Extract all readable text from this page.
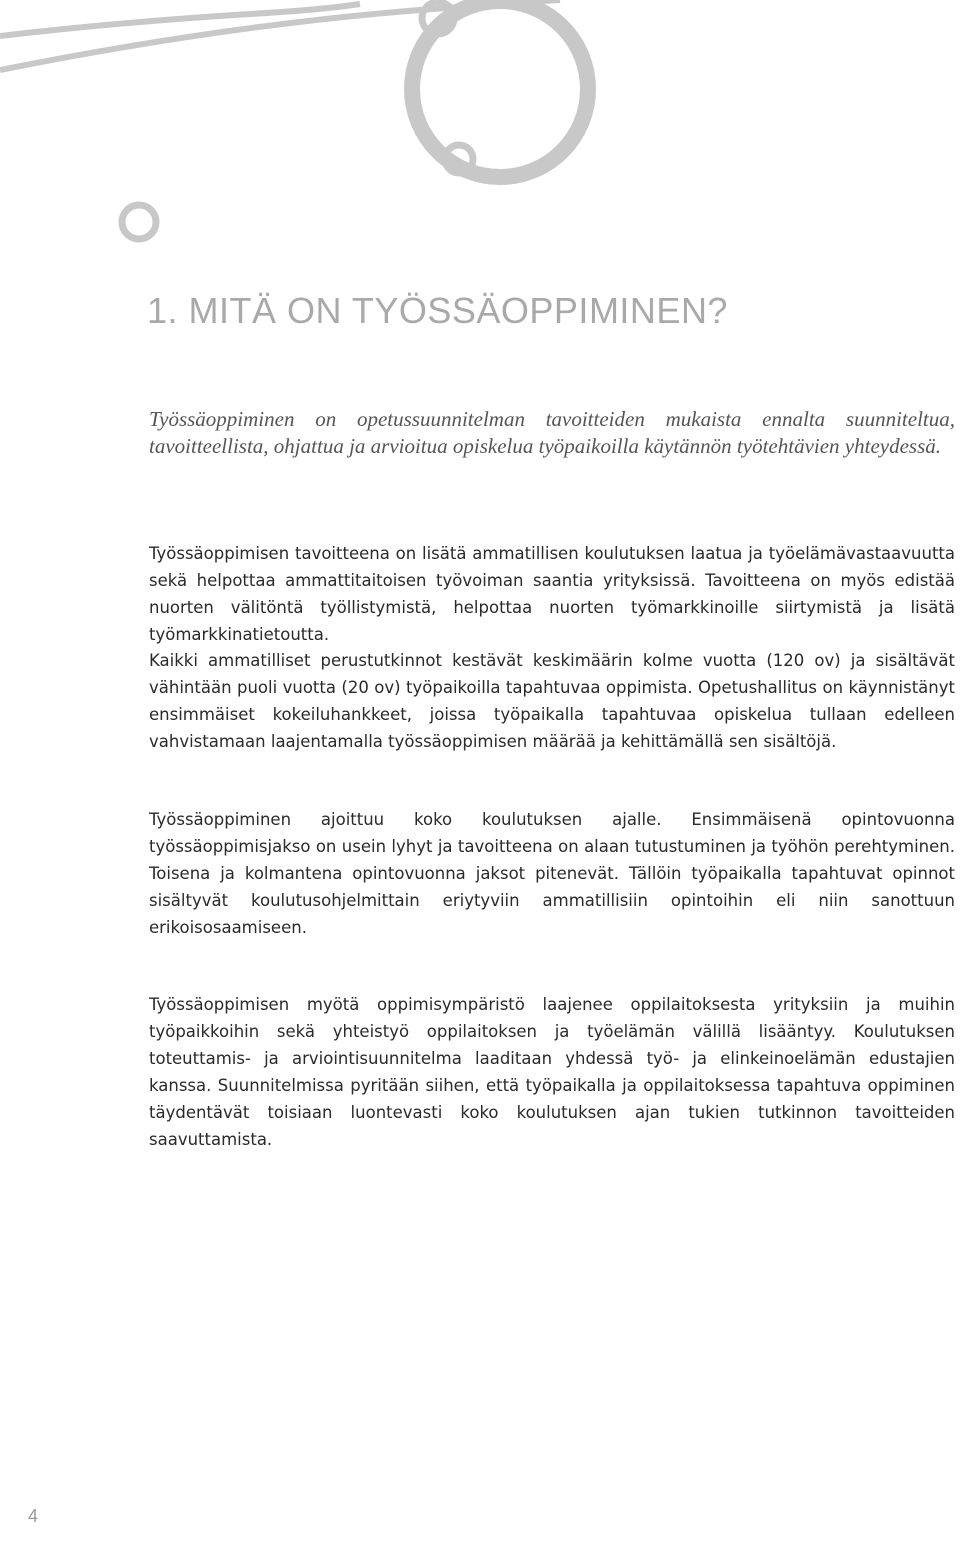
1. MITÄ ON TYÖSSÄOPPIMINEN?

Työssäoppiminen on opetussuunnitelman tavoitteiden mukaista ennalta suunniteltua, tavoitteellista, ohjattua ja arvioitua opiskelua työpaikoilla käytännön työtehtävien yhteydessä.

Työssäoppimisen tavoitteena on lisätä ammatillisen koulutuksen laatua ja työelämävastaavuutta sekä helpottaa ammattitaitoisen työvoiman saantia yrityksissä. Tavoitteena on myös edistää nuorten välitöntä työllistymistä, helpottaa nuorten työmarkkinoille siirtymistä ja lisätä työmarkkinatietoutta.

Kaikki ammatilliset perustutkinnot kestävät keskimäärin kolme vuotta (120 ov) ja sisältävät vähintään puoli vuotta (20 ov) työpaikoilla tapahtuvaa oppimista. Opetushallitus on käynnistänyt ensimmäiset kokeiluhankkeet, joissa työpaikalla tapahtuvaa opiskelua tullaan edelleen vahvistamaan laajentamalla työssäoppimisen määrää ja kehittämällä sen sisältöjä.

Työssäoppiminen ajoittuu koko koulutuksen ajalle. Ensimmäisenä opintovuonna työssäoppimisjakso on usein lyhyt ja tavoitteena on alaan tutustuminen ja työhön perehtyminen. Toisena ja kolmantena opintovuonna jaksot pitenevät. Tällöin työpaikalla tapahtuvat opinnot sisältyvät koulutusohjelmittain eriytyviin ammatillisiin opintoihin eli niin sanottuun erikoisosaamiseen.

Työssäoppimisen myötä oppimisympäristö laajenee oppilaitoksesta yrityksiin ja muihin työpaikkoihin sekä yhteistyö oppilaitoksen ja työelämän välillä lisääntyy. Koulutuksen toteuttamis- ja arviointisuunnitelma laaditaan yhdessä työ- ja elinkeinoelämän edustajien kanssa. Suunnitelmissa pyritään siihen, että työpaikalla ja oppilaitoksessa tapahtuva oppiminen täydentävät toisiaan luontevasti koko koulutuksen ajan tukien tutkinnon tavoitteiden saavuttamista.

4
